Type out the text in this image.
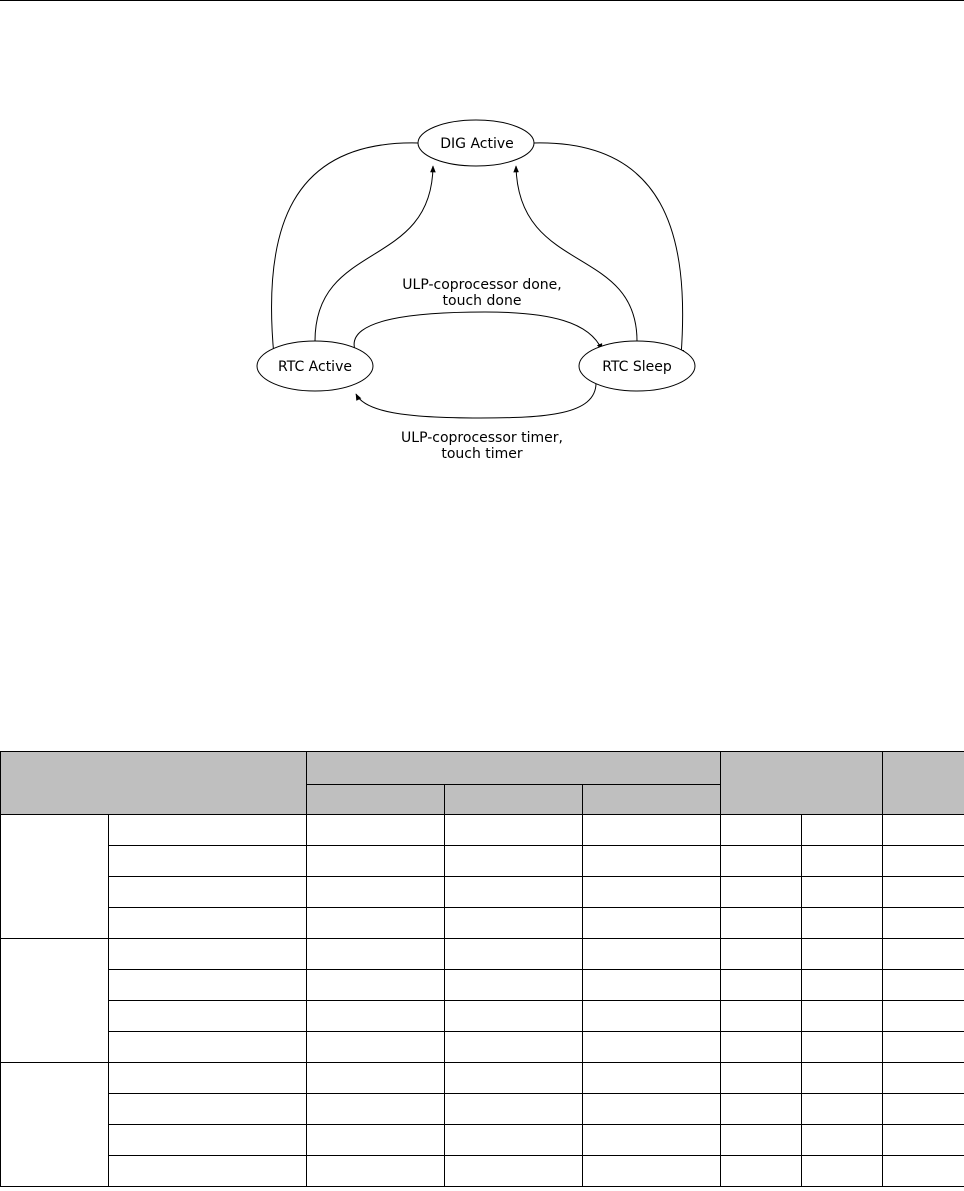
DIG Active
RTC Active	RTC Sleep
ULP-coprocessor done,
touch done
ULP-coprocessor timer,
touch timer
